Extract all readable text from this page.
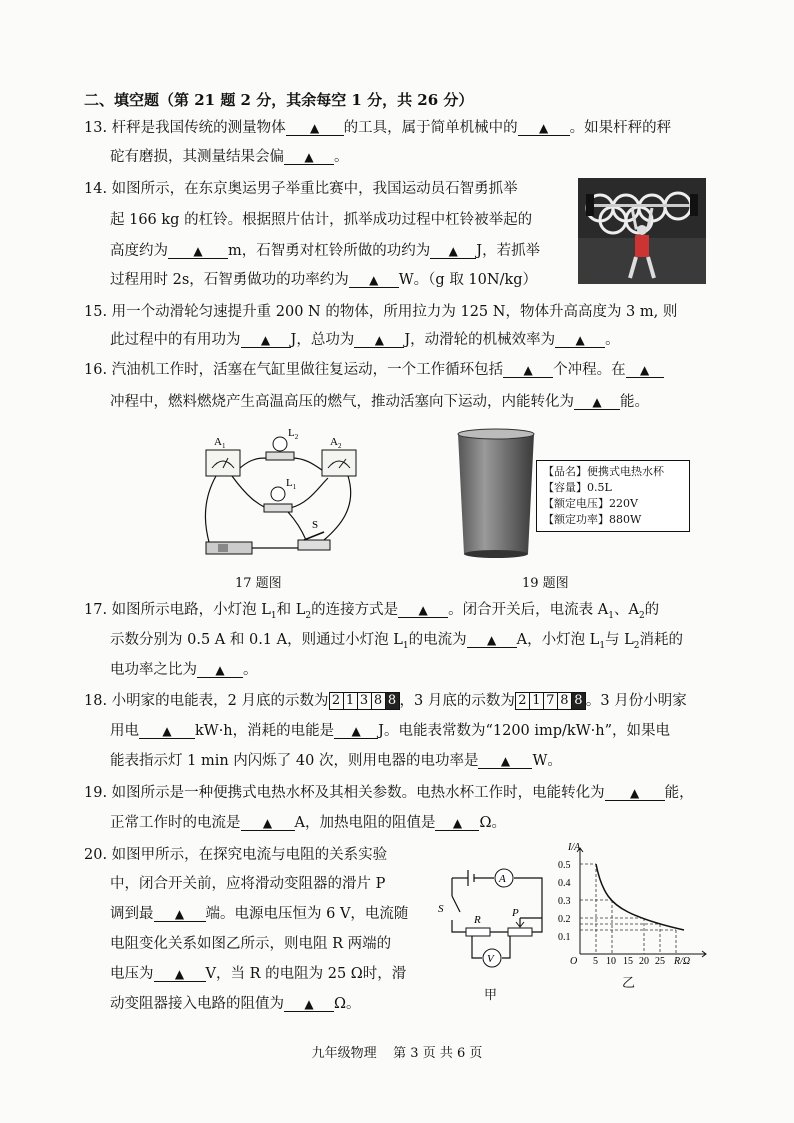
二、填空题（第 21 题 2 分，其余每空 1 分，共 26 分）
13. 杆秤是我国传统的测量物体 ▲ 的工具，属于简单机械中的 ▲ 。如果杆秤的秤
砣有磨损，其测量结果会偏 ▲ 。
14. 如图所示，在东京奥运男子举重比赛中，我国运动员石智勇抓举
起 166 kg 的杠铃。根据照片估计，抓举成功过程中杠铃被举起的
高度约为 ▲ m，石智勇对杠铃所做的功约为 ▲ J，若抓举
过程用时 2s，石智勇做功的功率约为 ▲ W。（g 取 10N/kg）
15. 用一个动滑轮匀速提升重 200 N 的物体，所用拉力为 125 N，物体升高高度为 3 m, 则
此过程中的有用功为 ▲ J，总功为 ▲ J，动滑轮的机械效率为 ▲ 。
16. 汽油机工作时，活塞在气缸里做往复运动，一个工作循环包括 ▲ 个冲程。在 ▲
冲程中，燃料燃烧产生高温高压的燃气，推动活塞向下运动，内能转化为 ▲ 能。
$A_1$	$A_2$
$L_2$
$L_1$
S
17 题图
【品名】便携式电热水杯
【容量】0.5L
【额定电压】220V
【额定功率】880W
19 题图
17. 如图所示电路，小灯泡 $L_1$和 $L_2$的连接方式是 ▲ 。闭合开关后，电流表 $A_1$、$A_2$的
示数分别为 0.5 A 和 0.1 A，则通过小灯泡 $L_1$的电流为 ▲ A，小灯泡 $L_1$与 $L_2$消耗的
电功率之比为 ▲ 。
18. 小明家的电能表，2 月底的示数为 2 1 3 8 8 ，3 月底的示数为 2 1 7 8 8 。3 月份小明家
用电 ▲ kW·h，消耗的电能是 ▲ J。电能表常数为“1200 imp/kW·h”，如果电
能表指示灯 1 min 内闪烁了 40 次，则用电器的电功率是 ▲ W。
19. 如图所示是一种便携式电热水杯及其相关参数。电热水杯工作时，电能转化为 ▲ 能，
正常工作时的电流是 ▲ A，加热电阻的阻值是 ▲ Ω。
20. 如图甲所示，在探究电流与电阻的关系实验
中，闭合开关前，应将滑动变阻器的滑片 P
调到最 ▲ 端。电源电压恒为 6 V，电流随
电阻变化关系如图乙所示，则电阻 R 两端的
电压为 ▲ V，当 R 的电阻为 25 Ω时，滑
动变阻器接入电路的阻值为 ▲ Ω。
A
S
R
P
V
甲
I/A
0.5
0.4
0.3
0.2
0.1
O 5 10 15 20 25 R/Ω
乙
九年级物理    第 3 页 共 6 页
